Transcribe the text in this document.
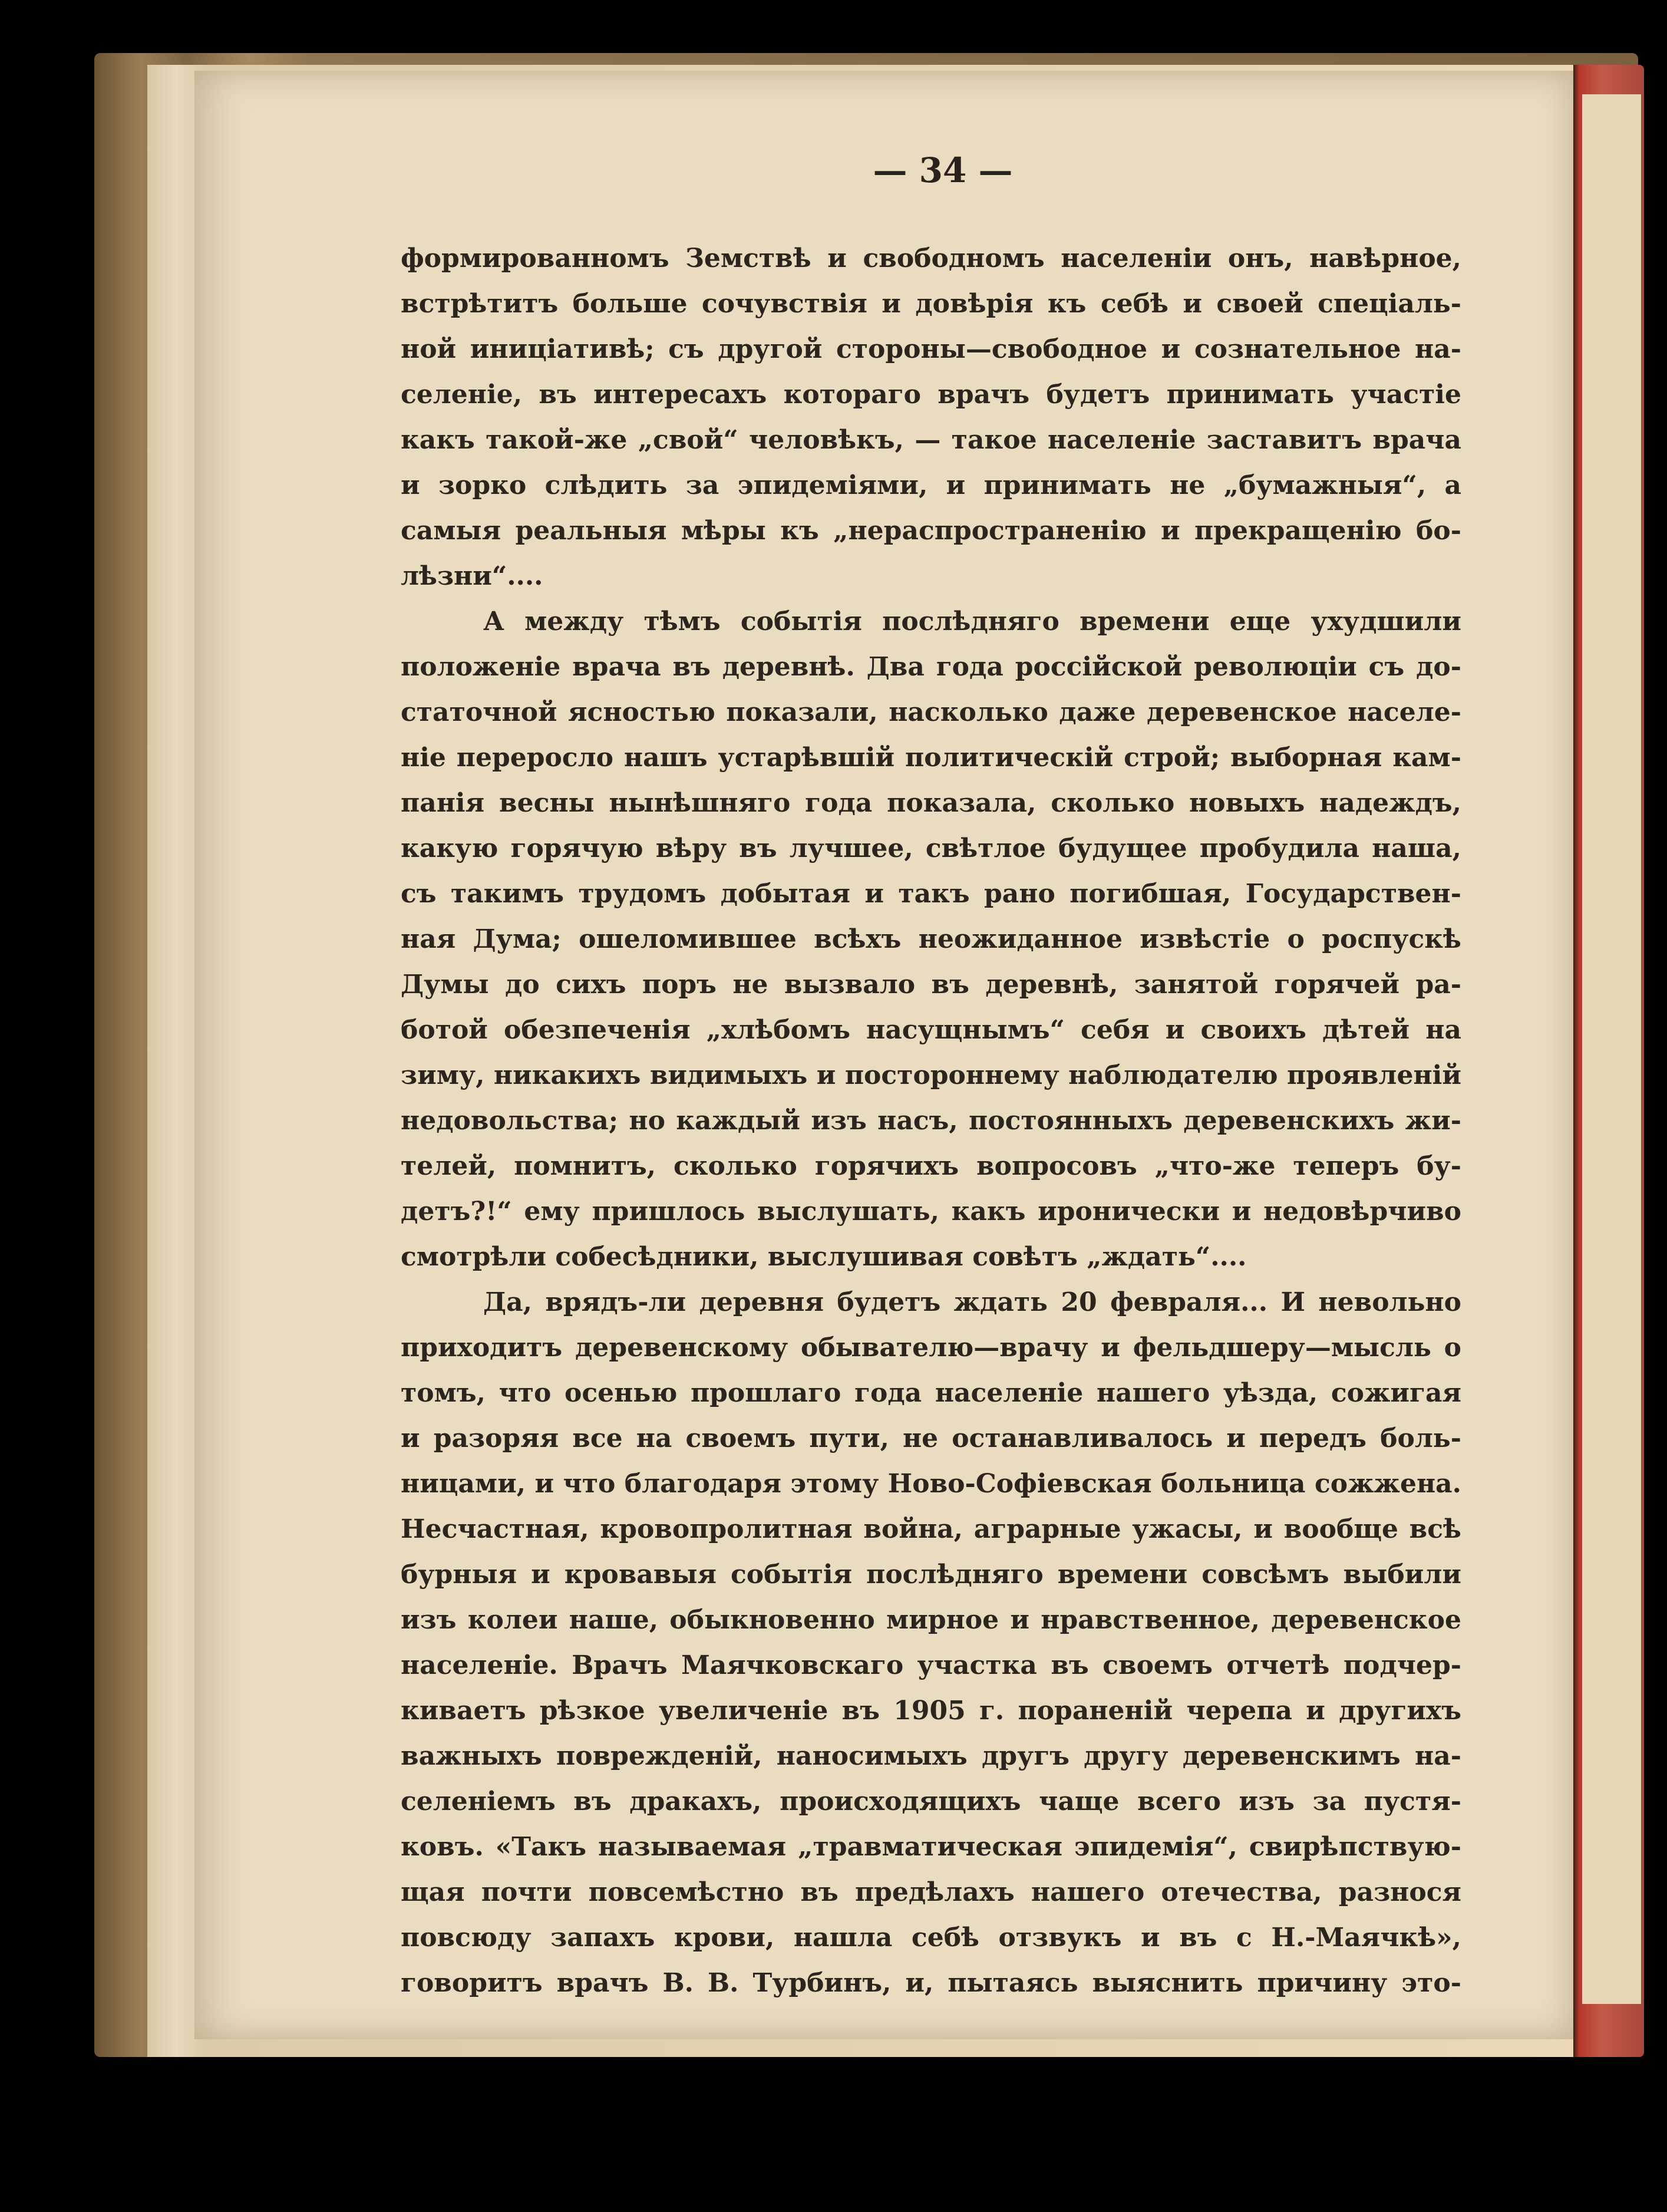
— 34 —
формированномъ Земствѣ и свободномъ населеніи онъ, навѣрное,
встрѣтитъ больше сочувствія и довѣрія къ себѣ и своей спеціаль-
ной иниціативѣ; съ другой стороны—свободное и сознательное на-
селеніе, въ интересахъ котораго врачъ будетъ принимать участіе
какъ такой-же „свой“ человѣкъ, — такое населеніе заставитъ врача
и зорко слѣдить за эпидеміями, и принимать не „бумажныя“, а
самыя реальныя мѣры къ „нераспространенію и прекращенію бо-
лѣзни“....
А между тѣмъ событія послѣдняго времени еще ухудшили
положеніе врача въ деревнѣ. Два года россійской революціи съ до-
статочной ясностью показали, насколько даже деревенское населе-
ніе переросло нашъ устарѣвшій политическій строй; выборная кам-
панія весны нынѣшняго года показала, сколько новыхъ надеждъ,
какую горячую вѣру въ лучшее, свѣтлое будущее пробудила наша,
съ такимъ трудомъ добытая и такъ рано погибшая, Государствен-
ная Дума; ошеломившее всѣхъ неожиданное извѣстіе о роспускѣ
Думы до сихъ поръ не вызвало въ деревнѣ, занятой горячей ра-
ботой обезпеченія „хлѣбомъ насущнымъ“ себя и своихъ дѣтей на
зиму, никакихъ видимыхъ и постороннему наблюдателю проявленій
недовольства; но каждый изъ насъ, постоянныхъ деревенскихъ жи-
телей, помнитъ, сколько горячихъ вопросовъ „что-же теперъ бу-
детъ?!“ ему пришлось выслушать, какъ иронически и недовѣрчиво
смотрѣли собесѣдники, выслушивая совѣтъ „ждать“....
Да, врядъ-ли деревня будетъ ждать 20 февраля... И невольно
приходитъ деревенскому обывателю—врачу и фельдшеру—мысль о
томъ, что осенью прошлаго года населеніе нашего уѣзда, сожигая
и разоряя все на своемъ пути, не останавливалось и передъ боль-
ницами, и что благодаря этому Ново-Софіевская больница сожжена.
Несчастная, кровопролитная война, аграрные ужасы, и вообще всѣ
бурныя и кровавыя событія послѣдняго времени совсѣмъ выбили
изъ колеи наше, обыкновенно мирное и нравственное, деревенское
населеніе. Врачъ Маячковскаго участка въ своемъ отчетѣ подчер-
киваетъ рѣзкое увеличеніе въ 1905 г. пораненій черепа и другихъ
важныхъ поврежденій, наносимыхъ другъ другу деревенскимъ на-
селеніемъ въ дракахъ, происходящихъ чаще всего изъ за пустя-
ковъ. «Такъ называемая „травматическая эпидемія“, свирѣпствую-
щая почти повсемѣстно въ предѣлахъ нашего отечества, разнося
повсюду запахъ крови, нашла себѣ отзвукъ и въ с Н.-Маячкѣ»,
говоритъ врачъ В. В. Турбинъ, и, пытаясь выяснить причину это-
